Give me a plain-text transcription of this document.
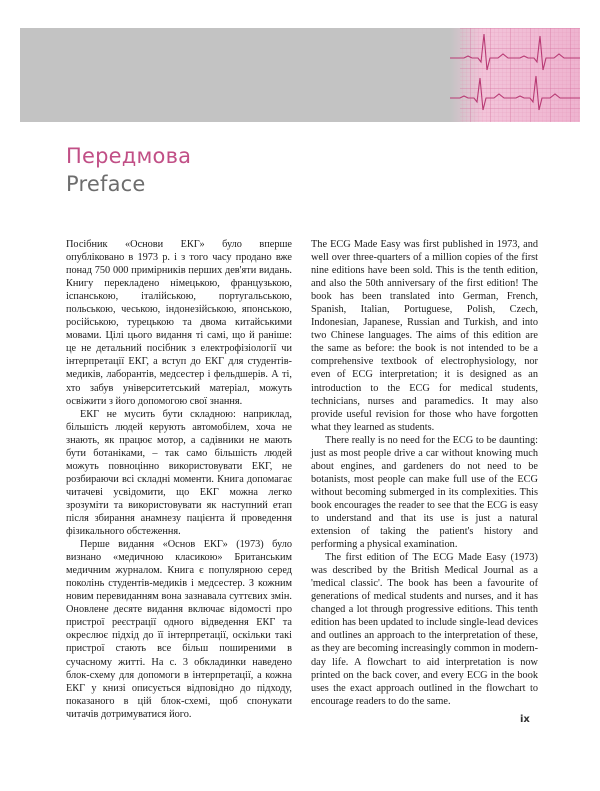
Передмова
Preface

Посібник «Основи ЕКГ» було вперше опубліковано в 1973 р. і з того часу продано вже понад 750 000 примірників перших дев'яти видань. Книгу перекладено німецькою, французькою, іспанською, італійською, португальською, польською, чеською, індонезійською, японською, російською, турецькою та двома китайськими мовами. Цілі цього видання ті самі, що й раніше: це не детальний посібник з електрофізіології чи інтерпретації ЕКГ, а вступ до ЕКГ для студентів-медиків, лаборантів, медсестер і фельдшерів. А ті, хто забув університетський матеріал, можуть освіжити з його допомогою свої знання.

ЕКГ не мусить бути складною: наприклад, більшість людей керують автомобілем, хоча не знають, як працює мотор, а садівники не мають бути ботаніками, – так само більшість людей можуть повноцінно використовувати ЕКГ, не розбираючи всі складні моменти. Книга допомагає читачеві усвідомити, що ЕКГ можна легко зрозуміти та використовувати як наступний етап після збирання анамнезу пацієнта й проведення фізикального обстеження.

Перше видання «Основ ЕКГ» (1973) було визнано «медичною класикою» Британським медичним журналом. Книга є популярною серед поколінь студентів-медиків і медсестер. З кожним новим перевиданням вона зазнавала суттєвих змін. Оновлене десяте видання включає відомості про пристрої реєстрації одного відведення ЕКГ та окреслює підхід до її інтерпретації, оскільки такі пристрої стають все більш поширеними в сучасному житті. На с. 3 обкладинки наведено блок-схему для допомоги в інтерпретації, а кожна ЕКГ у книзі описується відповідно до підходу, показаного в цій блок-схемі, щоб спонукати читачів дотримуватися його.

The ECG Made Easy was first published in 1973, and well over three-quarters of a million copies of the first nine editions have been sold. This is the tenth edition, and also the 50th anniversary of the first edition! The book has been translated into German, French, Spanish, Italian, Portuguese, Polish, Czech, Indonesian, Japanese, Russian and Turkish, and into two Chinese languages. The aims of this edition are the same as before: the book is not intended to be a comprehensive textbook of electrophysiology, nor even of ECG interpretation; it is designed as an introduction to the ECG for medical students, technicians, nurses and paramedics. It may also provide useful revision for those who have forgotten what they learned as students.

There really is no need for the ECG to be daunting: just as most people drive a car without knowing much about engines, and gardeners do not need to be botanists, most people can make full use of the ECG without becoming submerged in its complexities. This book encourages the reader to see that the ECG is easy to understand and that its use is just a natural extension of taking the patient's history and performing a physical examination.

The first edition of The ECG Made Easy (1973) was described by the British Medical Journal as a 'medical classic'. The book has been a favourite of generations of medical students and nurses, and it has changed a lot through progressive editions. This tenth edition has been updated to include single-lead devices and outlines an approach to the interpretation of these, as they are becoming increasingly common in modern-day life. A flowchart to aid interpretation is now printed on the back cover, and every ECG in the book uses the exact approach outlined in the flowchart to encourage readers to do the same.

ix
